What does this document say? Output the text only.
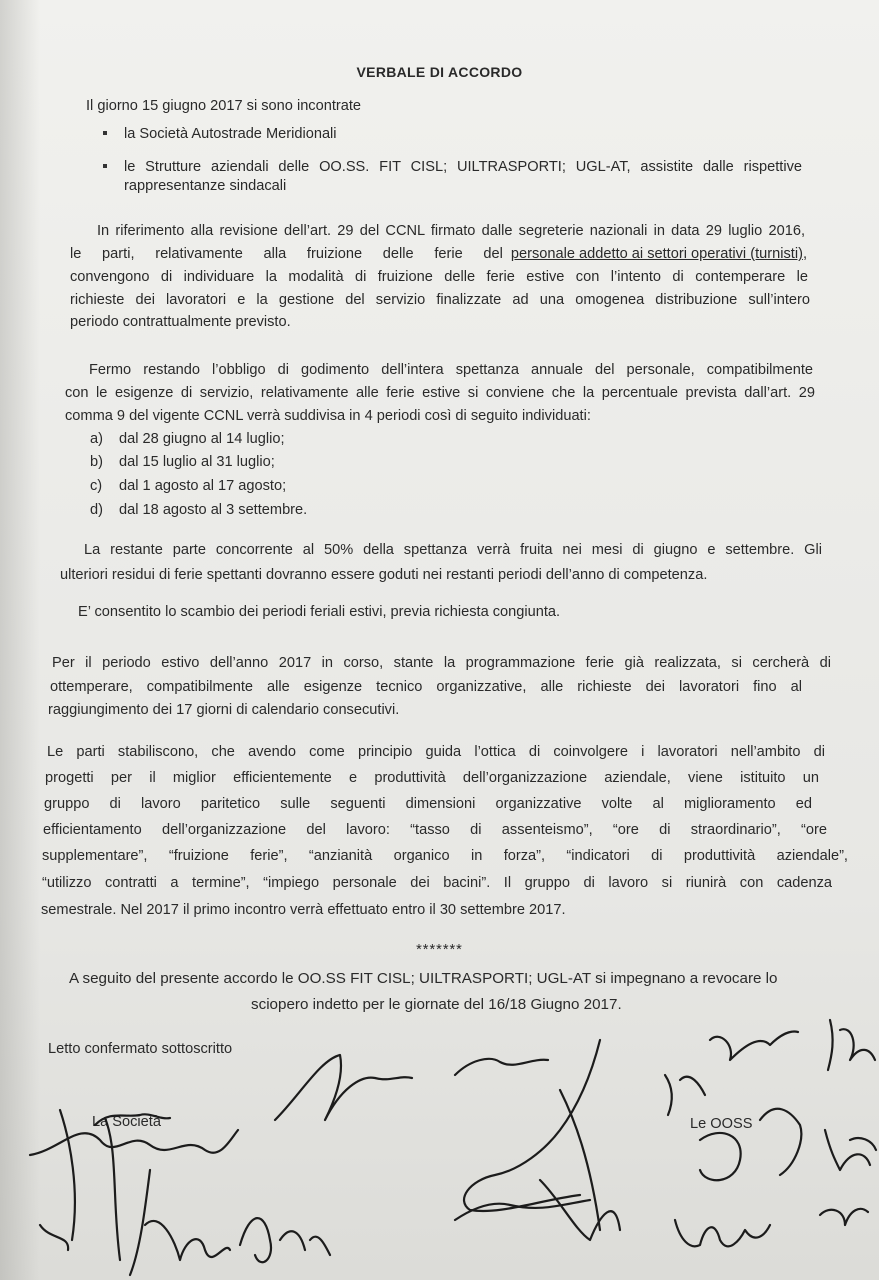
VERBALE DI ACCORDO
Il giorno 15 giugno 2017 si sono incontrate
la Società Autostrade Meridionali
le Strutture aziendali delle OO.SS. FIT CISL; UILTRASPORTI; UGL-AT, assistite dalle rispettive
rappresentanze sindacali
In riferimento alla revisione dell’art. 29 del CCNL firmato dalle segreterie nazionali in data 29 luglio 2016,
le parti, relativamente alla fruizione delle ferie del personale addetto ai settori operativi (turnisti) ,
convengono di individuare la modalità di fruizione delle ferie estive con l’intento di contemperare le
richieste dei lavoratori e la gestione del servizio finalizzate ad una omogenea distribuzione sull’intero
periodo contrattualmente previsto.
Fermo restando l’obbligo di godimento dell’intera spettanza annuale del personale, compatibilmente
con le esigenze di servizio, relativamente alle ferie estive si conviene che la percentuale prevista dall’art. 29
comma 9 del vigente CCNL verrà suddivisa in 4 periodi così di seguito individuati:
a) dal 28 giugno al 14 luglio;
b) dal 15 luglio al 31 luglio;
c) dal 1 agosto al 17 agosto;
d) dal 18 agosto al 3 settembre.
La restante parte concorrente al 50% della spettanza verrà fruita nei mesi di giugno e settembre. Gli
ulteriori residui di ferie spettanti dovranno essere goduti nei restanti periodi dell’anno di competenza.
E’ consentito lo scambio dei periodi feriali estivi, previa richiesta congiunta.
Per il periodo estivo dell’anno 2017 in corso, stante la programmazione ferie già realizzata, si cercherà di
ottemperare, compatibilmente alle esigenze tecnico organizzative, alle richieste dei lavoratori fino al
raggiungimento dei 17 giorni di calendario consecutivi.
Le parti stabiliscono, che avendo come principio guida l’ottica di coinvolgere i lavoratori nell’ambito di
progetti per il miglior efficientemente e produttività dell’organizzazione aziendale, viene istituito un
gruppo di lavoro paritetico sulle seguenti dimensioni organizzative volte al miglioramento ed
efficientamento dell’organizzazione del lavoro: “tasso di assenteismo”, “ore di straordinario”, “ore
supplementare”, “fruizione ferie”, “anzianità organico in forza”, “indicatori di produttività aziendale”,
“utilizzo contratti a termine”, “impiego personale dei bacini”. Il gruppo di lavoro si riunirà con cadenza
semestrale. Nel 2017 il primo incontro verrà effettuato entro il 30 settembre 2017.
*******
A seguito del presente accordo le OO.SS FIT CISL; UILTRASPORTI; UGL-AT si impegnano a revocare lo
sciopero indetto per le giornate del 16/18 Giugno 2017.
Letto confermato sottoscritto
La Società	Le OOSS
